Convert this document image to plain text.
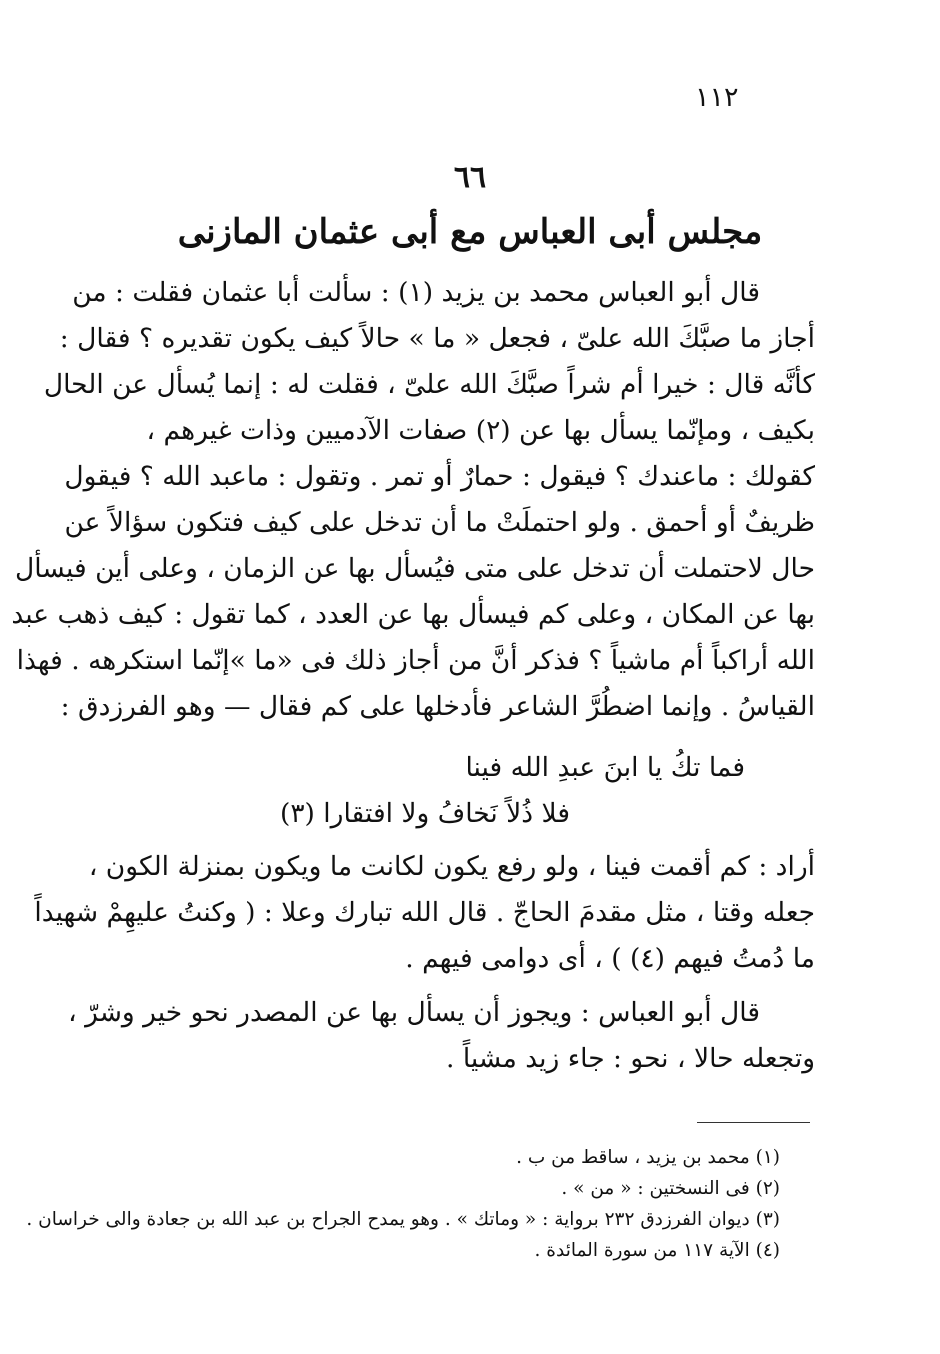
١١٢
٦٦
مجلس أبى العباس مع أبى عثمان المازنى
قال أبو العباس محمد بن يزيد (١) : سألت أبا عثمان فقلت : من
أجاز ما صبَّكَ الله علىّ ، فجعل « ما » حالاً كيف يكون تقديره ؟ فقال :
كأنَّه قال : خيرا أم شراً صبَّكَ الله علىّ ، فقلت له : إنما يُسأل عن الحال
بكيف ، ومإنّما يسأل بها عن (٢) صفات الآدميين وذات غيرهم ،
كقولك : ماعندك ؟ فيقول : حمارٌ أو تمر . وتقول : ماعبد الله ؟ فيقول
ظريفٌ أو أحمق . ولو احتملَتْ ما أن تدخل على كيف فتكون سؤالاً عن
حال لاحتملت أن تدخل على متى فيُسأل بها عن الزمان ، وعلى أين فيسأل
بها عن المكان ، وعلى كم فيسأل بها عن العدد ، كما تقول : كيف ذهب عبد
الله أراكباً أم ماشياً ؟ فذكر أنَّ من أجاز ذلك فى «ما »إنّما استكرهه . فهذا
القياسُ . وإنما اضطُرَّ الشاعر فأدخلها على كم فقال — وهو الفرزدق :
فما تكُ يا ابنَ عبدِ الله فينا
فلا ذُلاً نَخافُ ولا افتقارا (٣)
أراد : كم أقمت فينا ، ولو رفع يكون لكانت ما ويكون بمنزلة الكون ،
جعله وقتا ، مثل مقدمَ الحاجّ . قال الله تبارك وعلا : ( وكنتُ عليهِمْ شهيداً
ما دُمتُ فيهم (٤) ) ، أى دوامى فيهم .
قال أبو العباس : ويجوز أن يسأل بها عن المصدر نحو خير وشرّ ،
وتجعله حالا ، نحو : جاء زيد مشياً .
(١) محمد بن يزيد ، ساقط من ب .
(٢) فى النسختين : « من » .
(٣) ديوان الفرزدق ٢٣٢ برواية : « وماتك » . وهو يمدح الجراح بن عبد الله بن جعادة والى خراسان .
(٤) الآية ١١٧ من سورة المائدة .
